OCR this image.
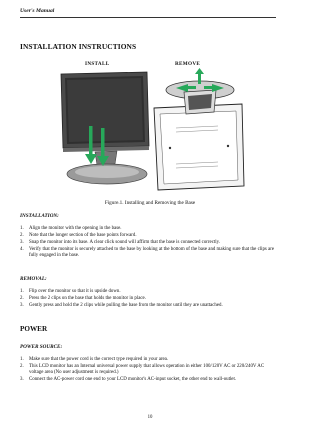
User's Manual
INSTALLATION INSTRUCTIONS
INSTALL	REMOVE
Figure.1. Installing and Removing the Base
INSTALLATION:
1.	Align the monitor with the opening in the base.
2.	Note that the longer section of the base points forward.
3.	Snap the monitor into its base. A clear click sound will affirm that the base is connected correctly.
4.	Verify that the monitor is securely attached to the base by looking at the bottom of the base and making sure that the clips are fully engaged in the base.
REMOVAL:
1.	Flip over the monitor so that it is upside down.
2.	Press the 2 clips on the base that holds the monitor in place.
3.	Gently press and hold the 2 clips while pulling the base from the monitor until they are unattached.
POWER
POWER SOURCE:
1.	Make sure that the power cord is the correct type required in your area.
2.	This LCD monitor has an Internal universal power supply that allows operation in either 100/120V AC or 220/240V AC voltage area (No user adjustment is required.)
3.	Connect the AC-power cord one end to your LCD monitor's AC-input socket, the other end to wall-outlet.
10
